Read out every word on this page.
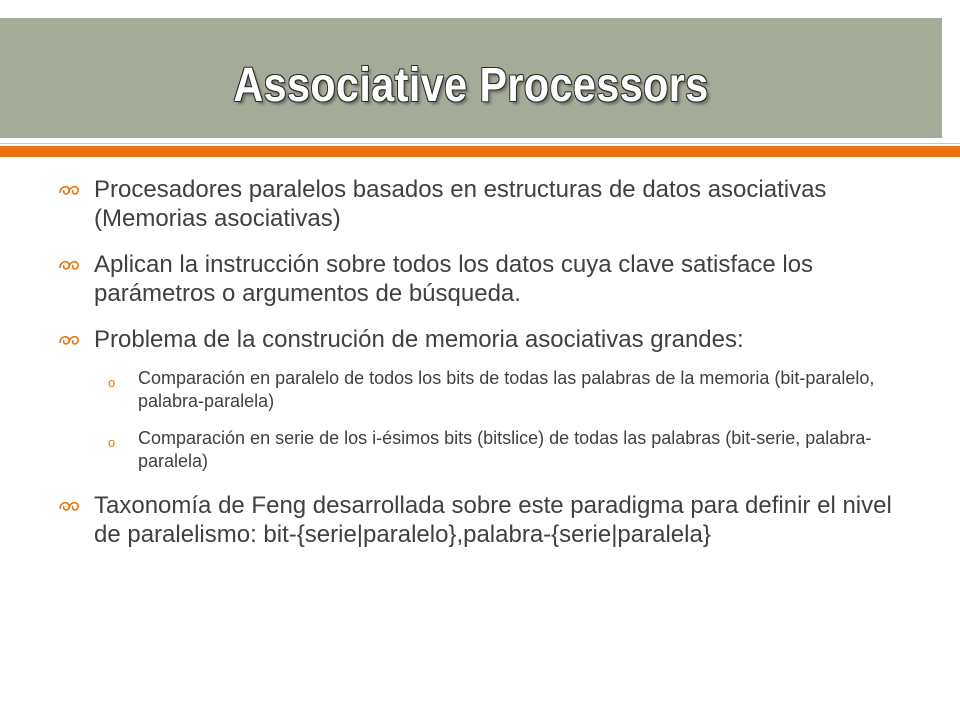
Associative Processors
Procesadores paralelos basados en estructuras de datos asociativas (Memorias asociativas)
Aplican la instrucción sobre todos los datos cuya clave satisface los parámetros o argumentos de búsqueda.
Problema de la construción de memoria asociativas grandes:
o Comparación en paralelo de todos los bits de todas las palabras de la memoria (bit-paralelo, palabra-paralela)
o Comparación en serie de los i-ésimos bits (bitslice) de todas las palabras (bit-serie, palabra-paralela)
Taxonomía de Feng desarrollada sobre este paradigma para definir el nivel de paralelismo: bit-{serie|paralelo},palabra-{serie|paralela}
